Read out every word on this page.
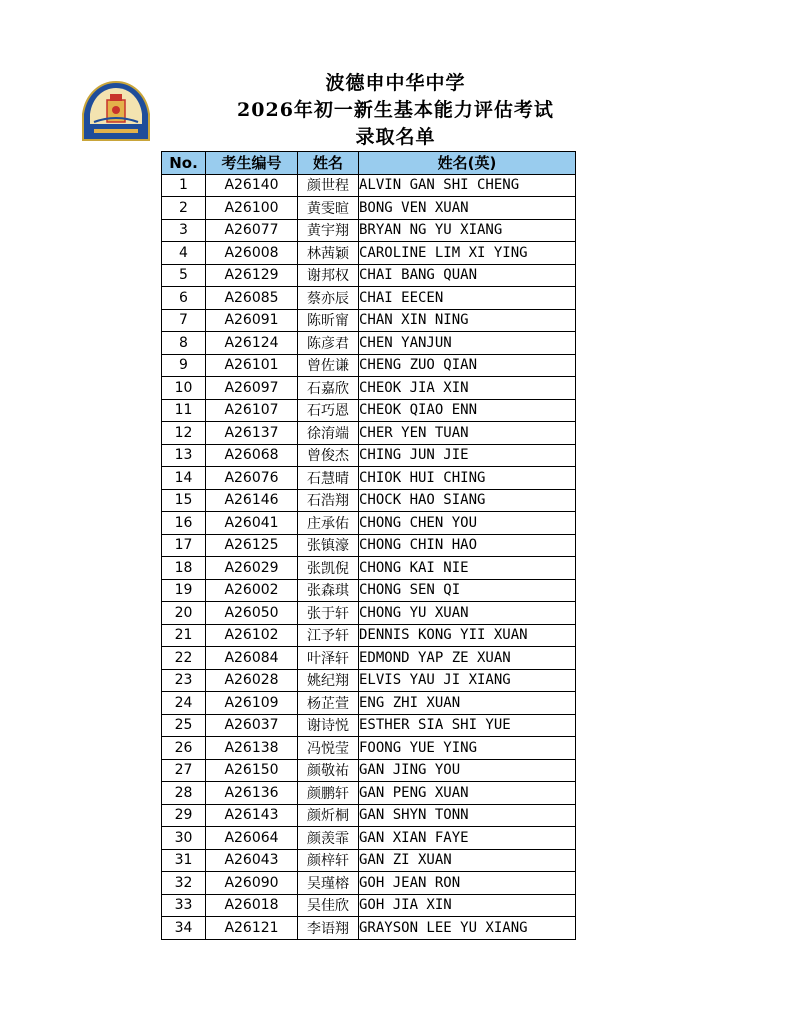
波德申中华中学
2026年初一新生基本能力评估考试
录取名单
No.	考生编号	姓名	姓名(英)
1	A26140	颜世程	ALVIN GAN SHI CHENG
2	A26100	黄雯暄	BONG VEN XUAN
3	A26077	黄宇翔	BRYAN NG YU XIANG
4	A26008	林茜颖	CAROLINE LIM XI YING
5	A26129	谢邦权	CHAI BANG QUAN
6	A26085	蔡亦辰	CHAI EECEN
7	A26091	陈昕甯	CHAN XIN NING
8	A26124	陈彦君	CHEN YANJUN
9	A26101	曾佐谦	CHENG ZUO QIAN
10	A26097	石嘉欣	CHEOK JIA XIN
11	A26107	石巧恩	CHEOK QIAO ENN
12	A26137	徐淯端	CHER YEN TUAN
13	A26068	曾俊杰	CHING JUN JIE
14	A26076	石慧晴	CHIOK HUI CHING
15	A26146	石浩翔	CHOCK HAO SIANG
16	A26041	庄承佑	CHONG CHEN YOU
17	A26125	张镇濠	CHONG CHIN HAO
18	A26029	张凯倪	CHONG KAI NIE
19	A26002	张森琪	CHONG SEN QI
20	A26050	张于轩	CHONG YU XUAN
21	A26102	江予轩	DENNIS KONG YII XUAN
22	A26084	叶泽轩	EDMOND YAP ZE XUAN
23	A26028	姚纪翔	ELVIS YAU JI XIANG
24	A26109	杨芷萱	ENG ZHI XUAN
25	A26037	谢诗悦	ESTHER SIA SHI YUE
26	A26138	冯悦莹	FOONG YUE YING
27	A26150	颜敬祐	GAN JING YOU
28	A26136	颜鹏轩	GAN PENG XUAN
29	A26143	颜炘桐	GAN SHYN TONN
30	A26064	颜羡霏	GAN XIAN FAYE
31	A26043	颜梓轩	GAN ZI XUAN
32	A26090	吴瑾榕	GOH JEAN RON
33	A26018	吴佳欣	GOH JIA XIN
34	A26121	李语翔	GRAYSON LEE YU XIANG
